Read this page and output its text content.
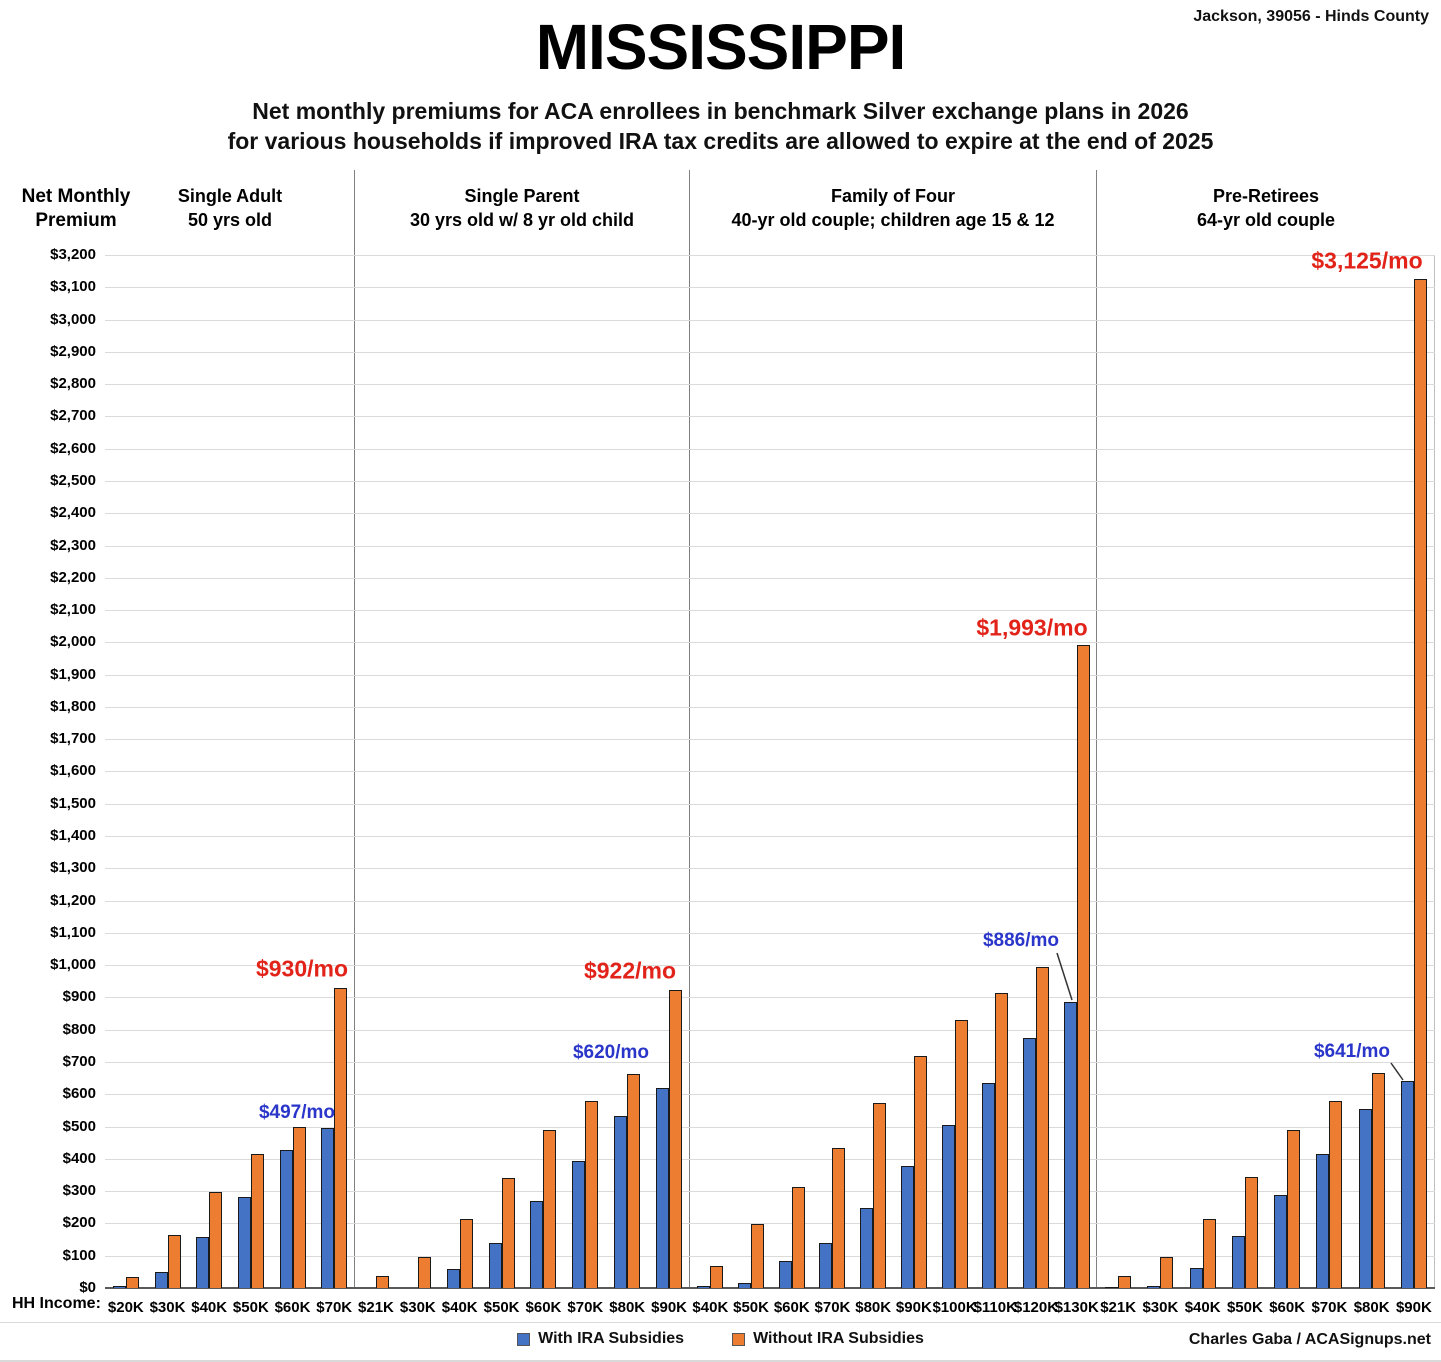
Jackson, 39056 - Hinds County
MISSISSIPPI
Net monthly premiums for ACA enrollees in benchmark Silver exchange plans in 2026
for various households if improved IRA tax credits are allowed to expire at the end of 2025
Net Monthly
Premium
Single Adult
50 yrs old
Single Parent
30 yrs old w/ 8 yr old child
Family of Four
40-yr old couple; children age 15 & 12
Pre-Retirees
64-yr old couple
$0
$100
$200
$300
$400
$500
$600
$700
$800
$900
$1,000
$1,100
$1,200
$1,300
$1,400
$1,500
$1,600
$1,700
$1,800
$1,900
$2,000
$2,100
$2,200
$2,300
$2,400
$2,500
$2,600
$2,700
$2,800
$2,900
$3,000
$3,100
$3,200
$20K $30K $40K $50K $60K $70K $21K $30K $40K $50K $60K $70K $80K $90K $40K $50K $60K $70K $80K $90K $100K
$110K
$120K
$130K $21K $30K $40K $50K $60K $70K $80K $90K
HH Income:
$930/mo
$497/mo
$922/mo
$620/mo
$1,993/mo
$886/mo
$3,125/mo
$641/mo
With IRA Subsidies	Without IRA Subsidies	Charles Gaba / ACASignups.net
